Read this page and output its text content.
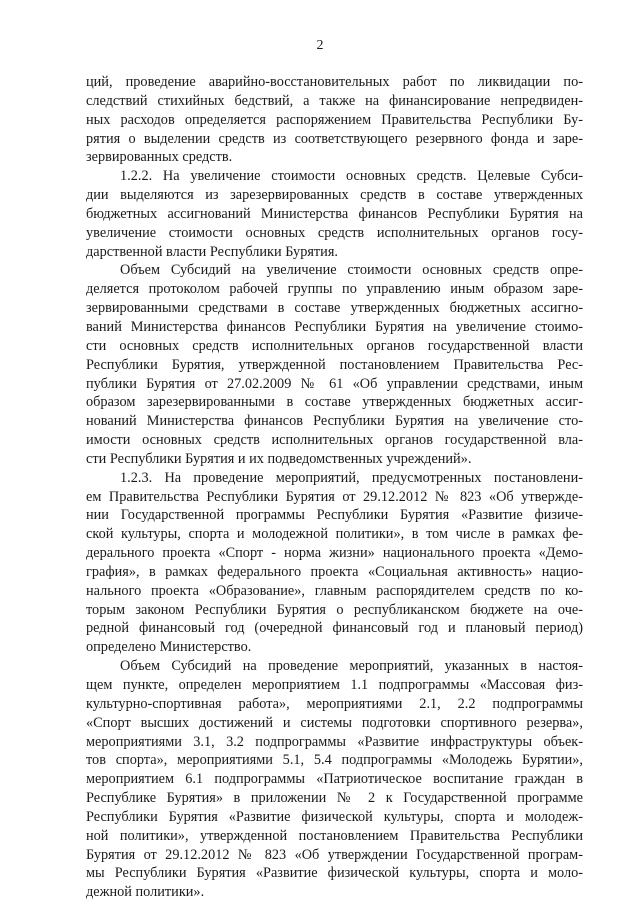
2
ций, проведение аварийно-восстановительных работ по ликвидации по-
следствий стихийных бедствий, а также на финансирование непредвиден-
ных расходов определяется распоряжением Правительства Республики Бу-
рятия о выделении средств из соответствующего резервного фонда и заре-
зервированных средств.
1.2.2. На увеличение стоимости основных средств. Целевые Субси-
дии выделяются из зарезервированных средств в составе утвержденных
бюджетных ассигнований Министерства финансов Республики Бурятия на
увеличение стоимости основных средств исполнительных органов госу-
дарственной власти Республики Бурятия.
Объем Субсидий на увеличение стоимости основных средств опре-
деляется протоколом рабочей группы по управлению иным образом заре-
зервированными средствами в составе утвержденных бюджетных ассигно-
ваний Министерства финансов Республики Бурятия на увеличение стоимо-
сти основных средств исполнительных органов государственной власти
Республики Бурятия, утвержденной постановлением Правительства Рес-
публики Бурятия от 27.02.2009 № 61 «Об управлении средствами, иным
образом зарезервированными в составе утвержденных бюджетных ассиг-
нований Министерства финансов Республики Бурятия на увеличение сто-
имости основных средств исполнительных органов государственной вла-
сти Республики Бурятия и их подведомственных учреждений».
1.2.3. На проведение мероприятий, предусмотренных постановлени-
ем Правительства Республики Бурятия от 29.12.2012 № 823 «Об утвержде-
нии Государственной программы Республики Бурятия «Развитие физиче-
ской культуры, спорта и молодежной политики», в том числе в рамках фе-
дерального проекта «Спорт - норма жизни» национального проекта «Демо-
графия», в рамках федерального проекта «Социальная активность» нацио-
нального проекта «Образование», главным распорядителем средств по ко-
торым законом Республики Бурятия о республиканском бюджете на оче-
редной финансовый год (очередной финансовый год и плановый период)
определено Министерство.
Объем Субсидий на проведение мероприятий, указанных в настоя-
щем пункте, определен мероприятием 1.1 подпрограммы «Массовая физ-
культурно-спортивная работа», мероприятиями 2.1, 2.2 подпрограммы
«Спорт высших достижений и системы подготовки спортивного резерва»,
мероприятиями 3.1, 3.2 подпрограммы «Развитие инфраструктуры объек-
тов спорта», мероприятиями 5.1, 5.4 подпрограммы «Молодежь Бурятии»,
мероприятием 6.1 подпрограммы «Патриотическое воспитание граждан в
Республике Бурятия» в приложении № 2 к Государственной программе
Республики Бурятия «Развитие физической культуры, спорта и молодеж-
ной политики», утвержденной постановлением Правительства Республики
Бурятия от 29.12.2012 № 823 «Об утверждении Государственной програм-
мы Республики Бурятия «Развитие физической культуры, спорта и моло-
дежной политики».
